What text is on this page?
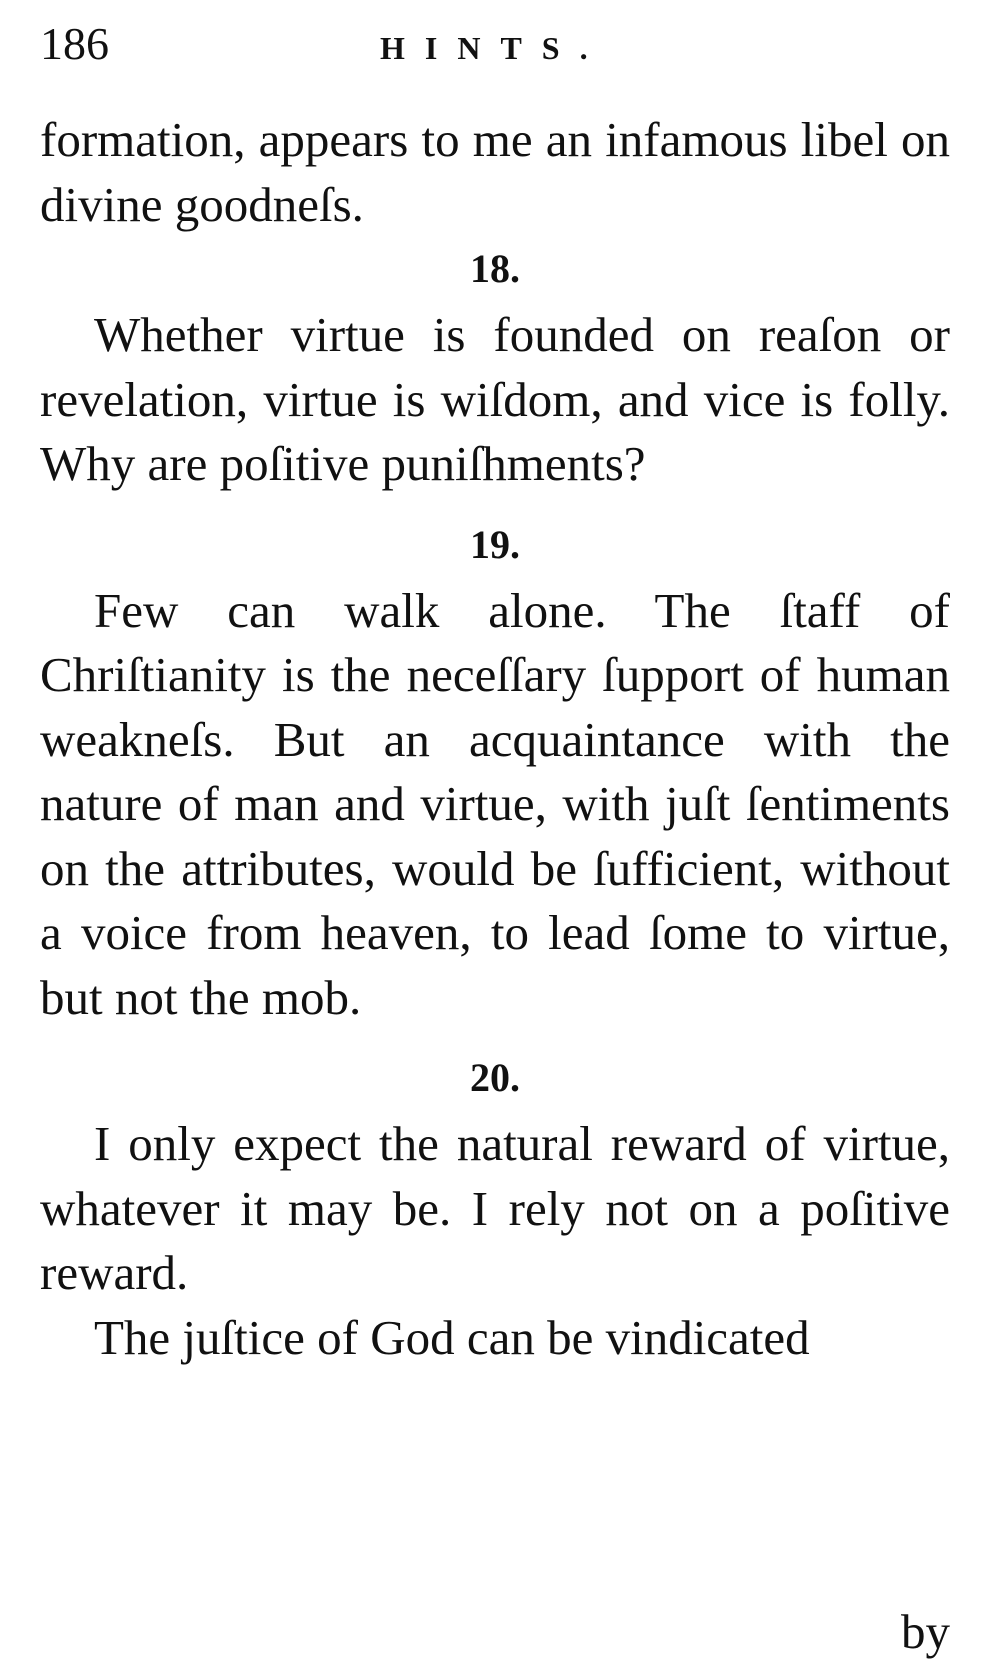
186	HINTS.

formation, appears to me an infamous libel on divine goodneſs.

18.

Whether virtue is founded on reaſon or revelation, virtue is wiſdom, and vice is folly. Why are poſitive puniſhments?

19.

Few can walk alone. The ſtaff of Chriſtianity is the neceſſary ſupport of human weakneſs. But an acquaintance with the nature of man and virtue, with juſt ſentiments on the attributes, would be ſufficient, without a voice from heaven, to lead ſome to virtue, but not the mob.

20.

I only expect the natural reward of virtue, whatever it may be. I rely not on a poſitive reward.

The juſtice of God can be vindicated

by
